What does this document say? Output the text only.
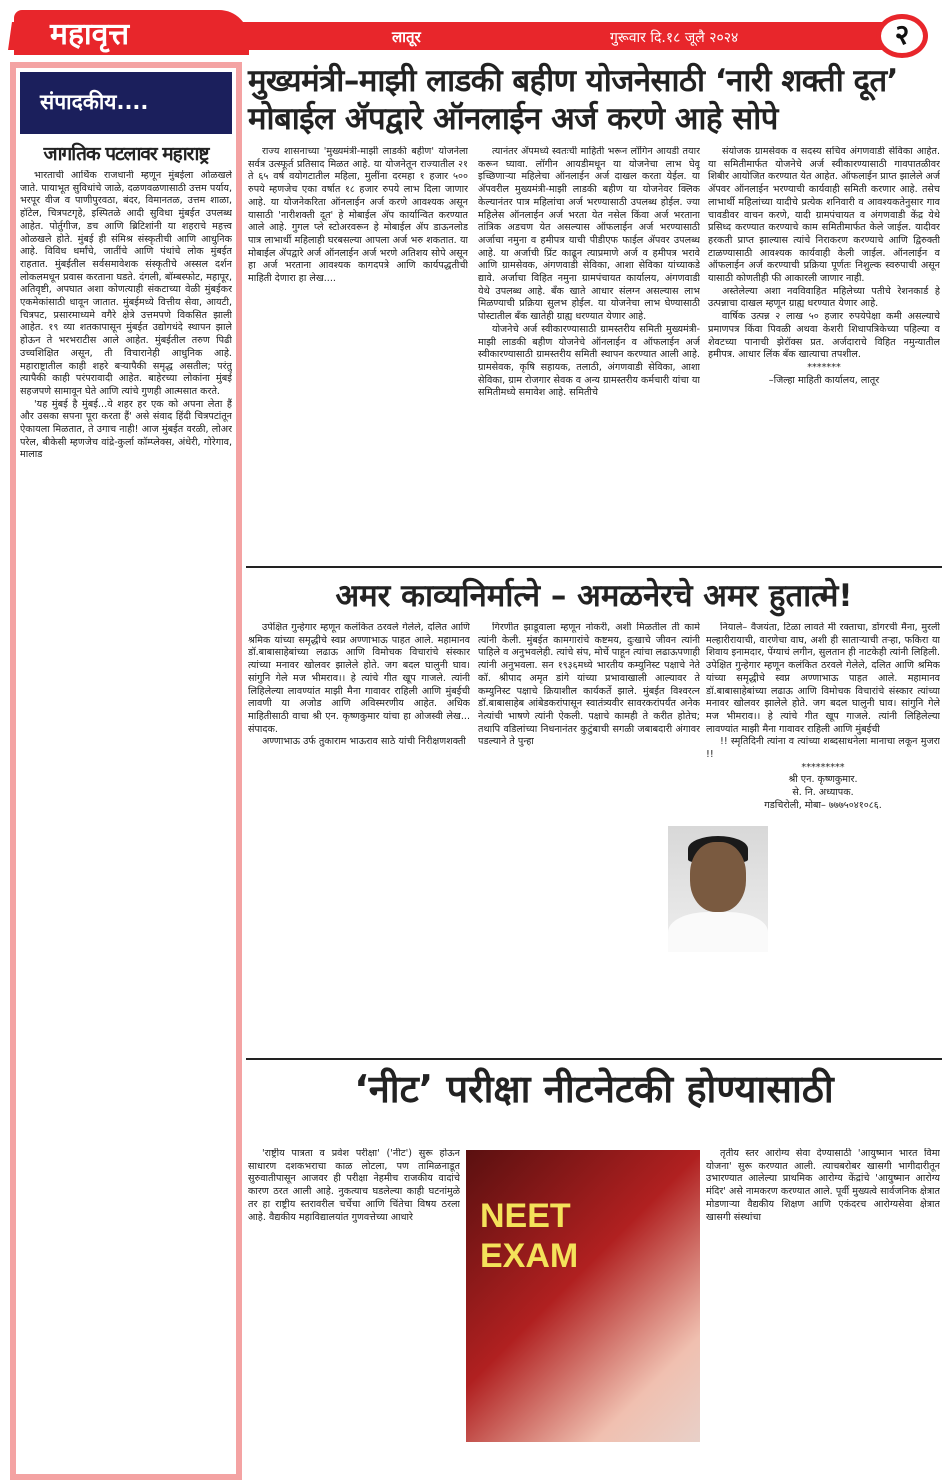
महावृत्त	लातूर	गुरूवार दि.१८ जूलै २०२४	२
संपादकीय....
जागतिक पटलावर महाराष्ट्र

भारताची आर्थिक राजधानी म्हणून मुंबईला ओळखले जाते. पायाभूत सुविधांचे जाळे, दळणवळणासाठी उत्तम पर्याय, भरपूर वीज व पाणीपुरवठा, बंदर, विमानतळ, उत्तम शाळा, हॉटेल, चित्रपटगृहे, इस्पितळे आदी सुविधा मुंबईत उपलब्ध आहेत. पोर्तुगीज, डच आणि ब्रिटिशांनी या शहराचे महत्त्व ओळखले होते. मुंबई ही संमिश्र संस्कृतीची आणि आधुनिक आहे. विविध धर्मांचे, जातींचे आणि पंथांचे लोक मुंबईत राहतात. मुंबईतील सर्वसमावेशक संस्कृतीचे अस्सल दर्शन लोकलमधून प्रवास करताना घडते. दंगली, बॉम्बस्फोट, महापूर, अतिवृष्टी, अपघात अशा कोणत्याही संकटाच्या वेळी मुंबईकर एकमेकांसाठी धावून जातात. मुंबईमध्ये वित्तीय सेवा, आयटी, चित्रपट, प्रसारमाध्यमे वगैरे क्षेत्रे उत्तमपणे विकसित झाली आहेत. १९ व्या शतकापासून मुंबईत उद्योगधंदे स्थापन झाले होऊन ते भरभराटीस आले आहेत. मुंबईतील तरुण पिढी उच्चशिक्षित असून, ती विचारानेही आधुनिक आहे. महाराष्ट्रातील काही शहरे बऱ्यापैकी समृद्ध असतील; परंतु त्यापैकी काही परंपरावादी आहेत. बाहेरच्या लोकांना मुंबई सहजपणे सामावून घेते आणि त्यांचे गुणही आत्मसात करते.

'यह मुंबई है मुंबई...ये शहर हर एक को अपना लेता हैं और उसका सपना पूरा करता हैं' असे संवाद हिंदी चित्रपटांतून ऐकायला मिळतात, ते उगाच नाही! आज मुंबईत वरळी, लोअर परेल, बीकेसी म्हणजेच वांद्रे-कुर्ला कॉम्प्लेक्स, अंधेरी, गोरेगाव, मालाड

मुख्यमंत्री–माझी लाडकी बहीण योजनेसाठी ‘नारी शक्ती दूत’ मोबाईल ॲपद्वारे ऑनलाईन अर्ज करणे आहे सोपे

राज्य शासनाच्या 'मुख्यमंत्री-माझी लाडकी बहीण' योजनेला सर्वत्र उत्स्फूर्त प्रतिसाद मिळत आहे. या योजनेतून राज्यातील २१ ते ६५ वर्ष वयोगटातील महिला, मुलींना दरमहा १ हजार ५०० रुपये म्हणजेच एका वर्षात १८ हजार रुपये लाभ दिला जाणार आहे. या योजनेकरिता ऑनलाईन अर्ज करणे आवश्यक असून यासाठी 'नारीशक्ती दूत' हे मोबाईल ॲप कार्यान्वित करण्यात आले आहे. गुगल प्ले स्टोअरवरून हे मोबाईल ॲप डाऊनलोड पात्र लाभार्थी महिलाही घरबसल्या आपला अर्ज भरु शकतात. या मोबाईल ॲपद्वारे अर्ज ऑनलाईन अर्ज भरणे अतिशय सोपे असून हा अर्ज भरताना आवश्यक कागदपत्रे आणि कार्यपद्धतीची माहिती देणारा हा लेख....

त्यानंतर ॲपमध्ये स्वतःची माहिती भरून लॉगिन आयडी तयार करून घ्यावा. लॉगीन आयडीमधून या योजनेचा लाभ घेवू इच्छिणाऱ्या महिलेचा ऑनलाईन अर्ज दाखल करता येईल. या ॲपवरील मुख्यमंत्री-माझी लाडकी बहीण या योजनेवर क्लिक केल्यानंतर पात्र महिलांचा अर्ज भरण्यासाठी उपलब्ध होईल. ज्या महिलेस ऑनलाईन अर्ज भरता येत नसेल किंवा अर्ज भरताना तांत्रिक अडचण येत असल्यास ऑफलाईन अर्ज भरण्यासाठी अर्जाचा नमुना व हमीपत्र याची पीडीएफ फाईल ॲपवर उपलब्ध आहे. या अर्जाची प्रिंट काढून त्याप्रमाणे अर्ज व हमीपत्र भरावे आणि ग्रामसेवक, अंगणवाडी सेविका, आशा सेविका यांच्याकडे द्यावे. अर्जाचा विहित नमुना ग्रामपंचायत कार्यालय, अंगणवाडी येथे उपलब्ध आहे. बँक खाते आधार संलग्न असल्यास लाभ मिळण्याची प्रक्रिया सुलभ होईल. या योजनेचा लाभ घेण्यासाठी पोस्टातील बँक खातेही ग्राह्य धरण्यात येणार आहे.

योजनेचे अर्ज स्वीकारण्यासाठी ग्रामस्तरीय समिती मुख्यमंत्री-माझी लाडकी बहीण योजनेचे ऑनलाईन व ऑफलाईन अर्ज स्वीकारण्यासाठी ग्रामस्तरीय समिती स्थापन करण्यात आली आहे. ग्रामसेवक, कृषि सहायक, तलाठी, अंगणवाडी सेविका, आशा सेविका, ग्राम रोजगार सेवक व अन्य ग्रामस्तरीय कर्मचारी यांचा या समितीमध्ये समावेश आहे. समितीचे

संयोजक ग्रामसेवक व सदस्य सचिव अंगणवाडी सेविका आहेत. या समितीमार्फत योजनेचे अर्ज स्वीकारण्यासाठी गावपातळीवर शिबीर आयोजित करण्यात येत आहेत. ऑफलाईन प्राप्त झालेले अर्ज ॲपवर ऑनलाईन भरण्याची कार्यवाही समिती करणार आहे. तसेच लाभार्थी महिलांच्या यादीचे प्रत्येक शनिवारी व आवश्यकतेनुसार गाव चावडीवर वाचन करणे, यादी ग्रामपंचायत व अंगणवाडी केंद्र येथे प्रसिध्द करण्यात करण्याचे काम समितीमार्फत केले जाईल. यादीवर हरकती प्राप्त झाल्यास त्यांचे निराकरण करण्याचे आणि द्विरुक्ती टाळण्यासाठी आवश्यक कार्यवाही केली जाईल. ऑनलाईन व ऑफलाईन अर्ज करण्याची प्रक्रिया पूर्णतः निशुल्क स्वरुपाची असून यासाठी कोणतीही फी आकारली जाणार नाही.

अस्तेलेल्या अशा नवविवाहित महिलेच्या पतीचे रेशनकार्ड हे उत्पन्नाचा दाखल म्हणून ग्राह्य धरण्यात येणार आहे.

वार्षिक उत्पन्न २ लाख ५० हजार रुपयेपेक्षा कमी असल्याचे प्रमाणपत्र किंवा पिवळी अथवा केशरी शिधापत्रिकेच्या पहिल्या व शेवटच्या पानाची झेरॉक्स प्रत. अर्जदाराचे विहित नमुन्यातील हमीपत्र. आधार लिंक बँक खात्याचा तपशील.

*******

–जिल्हा माहिती कार्यालय, लातूर

अमर काव्यनिर्मात्ने – अमळनेरचे अमर हुतात्मे!

उपेक्षित गुन्हेगार म्हणून कलंकित ठरवले गेलेले, दलित आणि श्रमिक यांच्या समृद्धीचे स्वप्न अण्णाभाऊ पाहत आले. महामानव डॉ.बाबासाहेबांच्या लढाऊ आणि विमोचक विचारांचे संस्कार त्यांच्या मनावर खोलवर झालेले होते. जग बदल घालुनी घाव। सांगुनि गेले मज भीमराव।। हे त्यांचे गीत खूप गाजले. त्यांनी लिहिलेल्या लावण्यांत माझी मैना गावावर राहिली आणि मुंबईची लावणी या अजोड आणि अविस्मरणीय आहेत. अधिक माहितीसाठी वाचा श्री एन. कृष्णकुमार यांचा हा ओजस्वी लेख... संपादक.

अण्णाभाऊ उर्फ तुकाराम भाऊराव साठे यांची निरीक्षणशक्ती

गिरणीत झाडूवाला म्हणून नोकरी, अशी मिळतील ती कामे त्यांनी केली. मुंबईत कामगारांचे कष्टमय, दुःखाचे जीवन त्यांनी पाहिले व अनुभवलेही. त्यांचे संप, मोर्चे पाहून त्यांचा लढाऊपणाही त्यांनी अनुभवला. सन १९३६मध्ये भारतीय कम्युनिस्ट पक्षाचे नेते कॉ. श्रीपाद अमृत डांगे यांच्या प्रभावाखाली आल्यावर ते कम्युनिस्ट पक्षाचे क्रियाशील कार्यकर्ते झाले. मुंबईत विश्वरत्न डॉ.बाबासाहेब आंबेडकरांपासून स्वातंत्र्यवीर सावरकरांपर्यंत अनेक नेत्यांची भाषणे त्यांनी ऐकली. पक्षाचे कामही ते करीत होतेच; तथापि वडिलांच्या निधनानंतर कुटुंबाची सगळी जबाबदारी अंगावर पडल्याने ते पुन्हा

नियाले– वैजयंता, टिळा लावते मी रक्ताचा, डोंगरची मैना, मुरली मल्हारीरायाची, वारणेचा वाघ, अशी ही साताऱ्याची तऱ्हा, फकिरा या शिवाय इनामदार, पेंग्याचं लगीन, सुलतान ही नाटकेही त्यांनी लिहिली. उपेक्षित गुन्हेगार म्हणून कलंकित ठरवले गेलेले, दलित आणि श्रमिक यांच्या समृद्धीचे स्वप्न अण्णाभाऊ पाहत आले. महामानव डॉ.बाबासाहेबांच्या लढाऊ आणि विमोचक विचारांचे संस्कार त्यांच्या मनावर खोलवर झालेले होते. जग बदल घालुनी घाव। सांगुनि गेले मज भीमराव।। हे त्यांचे गीत खूप गाजले. त्यांनी लिहिलेल्या लावण्यांत माझी मैना गावावर राहिली आणि मुंबईची

!! स्मृतिदिनी त्यांना व त्यांच्या शब्दसाधनेला मानाचा लकून मुजरा !!

*********

श्री एन. कृष्णकुमार.

से. नि. अध्यापक.

गडचिरोली, मोबा– ७७७५०४१०८६.

‘नीट’ परीक्षा नीटनेटकी होण्यासाठी

'राष्ट्रीय पात्रता व प्रवेश परीक्षा' ('नीट') सुरू होऊन साधारण दशकभराचा काळ लोटला, पण तामिळनाडूत सुरुवातीपासून आजवर ही परीक्षा नेहमीच राजकीय वादांचे कारण ठरत आली आहे. नुकत्याच घडलेल्या काही घटनांमुळे तर हा राष्ट्रीय स्तरावरील चर्चेचा आणि चिंतेचा विषय ठरला आहे. वैद्यकीय महाविद्यालयांत गुणवत्तेच्या आधारे	NEET
EXAM

तृतीय स्तर आरोग्य सेवा देण्यासाठी 'आयुष्मान भारत विमा योजना' सुरू करण्यात आली. त्याचबरोबर खासगी भागीदारीतून उभारण्यात आलेल्या प्राथमिक आरोग्य केंद्रांचे 'आयुष्मान आरोग्य मंदिर' असे नामकरण करण्यात आले. पूर्वी मुख्यत्वे सार्वजनिक क्षेत्रात मोडणाऱ्या वैद्यकीय शिक्षण आणि एकंदरच आरोग्यसेवा क्षेत्रात खासगी संस्थांचा
